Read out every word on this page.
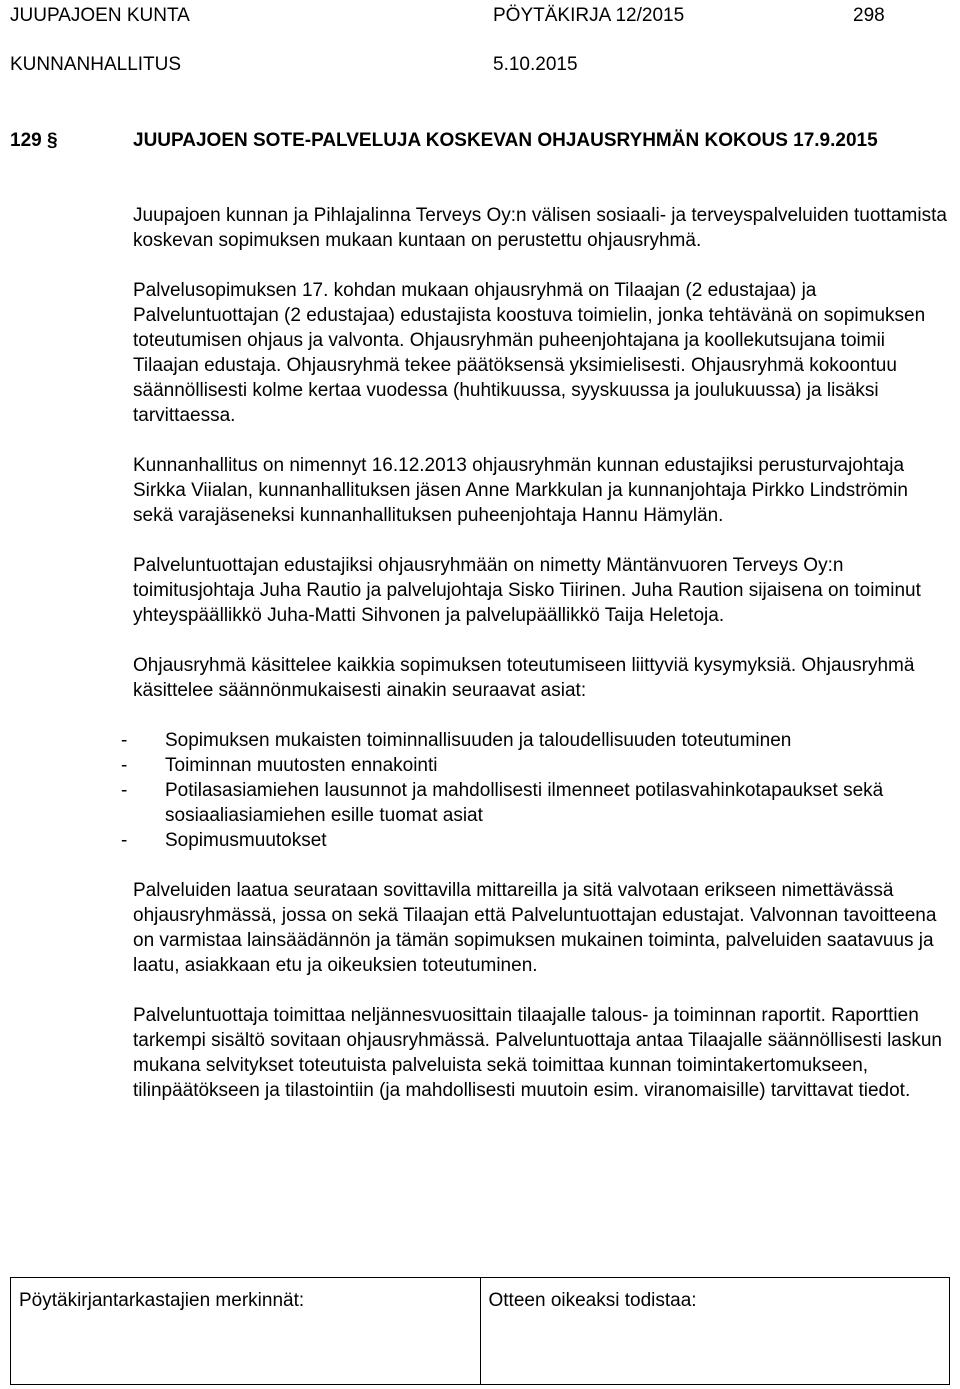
JUUPAJOEN KUNTA	PÖYTÄKIRJA 12/2015	298
KUNNANHALLITUS	5.10.2015
129 §	JUUPAJOEN SOTE-PALVELUJA KOSKEVAN OHJAUSRYHMÄN KOKOUS 17.9.2015

Juupajoen kunnan ja Pihlajalinna Terveys Oy:n välisen sosiaali- ja terveyspalveluiden tuottamista koskevan sopimuksen mukaan kuntaan on perustettu ohjausryhmä.

Palvelusopimuksen 17. kohdan mukaan ohjausryhmä on Tilaajan (2 edustajaa) ja Palveluntuottajan (2 edustajaa) edustajista koostuva toimielin, jonka tehtävänä on sopimuksen toteutumisen ohjaus ja valvonta. Ohjausryhmän puheenjohtajana ja koollekutsujana toimii Tilaajan edustaja. Ohjausryhmä tekee päätöksensä yksimielisesti. Ohjausryhmä kokoontuu säännöllisesti kolme kertaa vuodessa (huhtikuussa, syyskuussa ja joulukuussa) ja lisäksi tarvittaessa.

Kunnanhallitus on nimennyt 16.12.2013 ohjausryhmän kunnan edustajiksi perusturvajohtaja Sirkka Viialan, kunnanhallituksen jäsen Anne Markkulan ja kunnanjohtaja Pirkko Lindströmin sekä varajäseneksi kunnanhallituksen puheenjohtaja Hannu Hämylän.

Palveluntuottajan edustajiksi ohjausryhmään on nimetty Mäntänvuoren Terveys Oy:n toimitusjohtaja Juha Rautio ja palvelujohtaja Sisko Tiirinen. Juha Raution sijaisena on toiminut yhteyspäällikkö Juha-Matti Sihvonen ja palvelupäällikkö Taija Heletoja.

Ohjausryhmä käsittelee kaikkia sopimuksen toteutumiseen liittyviä kysymyksiä. Ohjausryhmä käsittelee säännönmukaisesti ainakin seuraavat asiat:

- Sopimuksen mukaisten toiminnallisuuden ja taloudellisuuden toteutuminen
- Toiminnan muutosten ennakointi
- Potilasasiamiehen lausunnot ja mahdollisesti ilmenneet potilasvahinkotapaukset sekä sosiaaliasiamiehen esille tuomat asiat
- Sopimusmuutokset

Palveluiden laatua seurataan sovittavilla mittareilla ja sitä valvotaan erikseen nimettävässä ohjausryhmässä, jossa on sekä Tilaajan että Palveluntuottajan edustajat. Valvonnan tavoitteena on varmistaa lainsäädännön ja tämän sopimuksen mukainen toiminta, palveluiden saatavuus ja laatu, asiakkaan etu ja oikeuksien toteutuminen.

Palveluntuottaja toimittaa neljännesvuosittain tilaajalle talous- ja toiminnan raportit. Raporttien tarkempi sisältö sovitaan ohjausryhmässä. Palveluntuottaja antaa Tilaajalle säännöllisesti laskun mukana selvitykset toteutuista palveluista sekä toimittaa kunnan toimintakertomukseen, tilinpäätökseen ja tilastointiin (ja mahdollisesti muutoin esim. viranomaisille) tarvittavat tiedot.

Pöytäkirjantarkastajien merkinnät:	Otteen oikeaksi todistaa:
